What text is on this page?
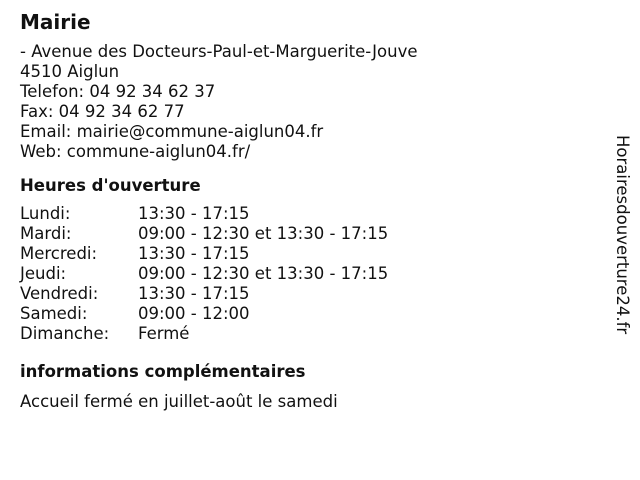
Mairie
- Avenue des Docteurs-Paul-et-Marguerite-Jouve
4510 Aiglun
Telefon: 04 92 34 62 37
Fax: 04 92 34 62 77
Email: mairie@commune-aiglun04.fr
Web: commune-aiglun04.fr/
Heures d'ouverture
Lundi:	13:30 - 17:15
Mardi:	09:00 - 12:30 et 13:30 - 17:15
Mercredi:	13:30 - 17:15
Jeudi:	09:00 - 12:30 et 13:30 - 17:15
Vendredi:	13:30 - 17:15
Samedi:	09:00 - 12:00
Dimanche:	Fermé
informations complémentaires
Accueil fermé en juillet-août le samedi
Horairesdouverture24.fr
